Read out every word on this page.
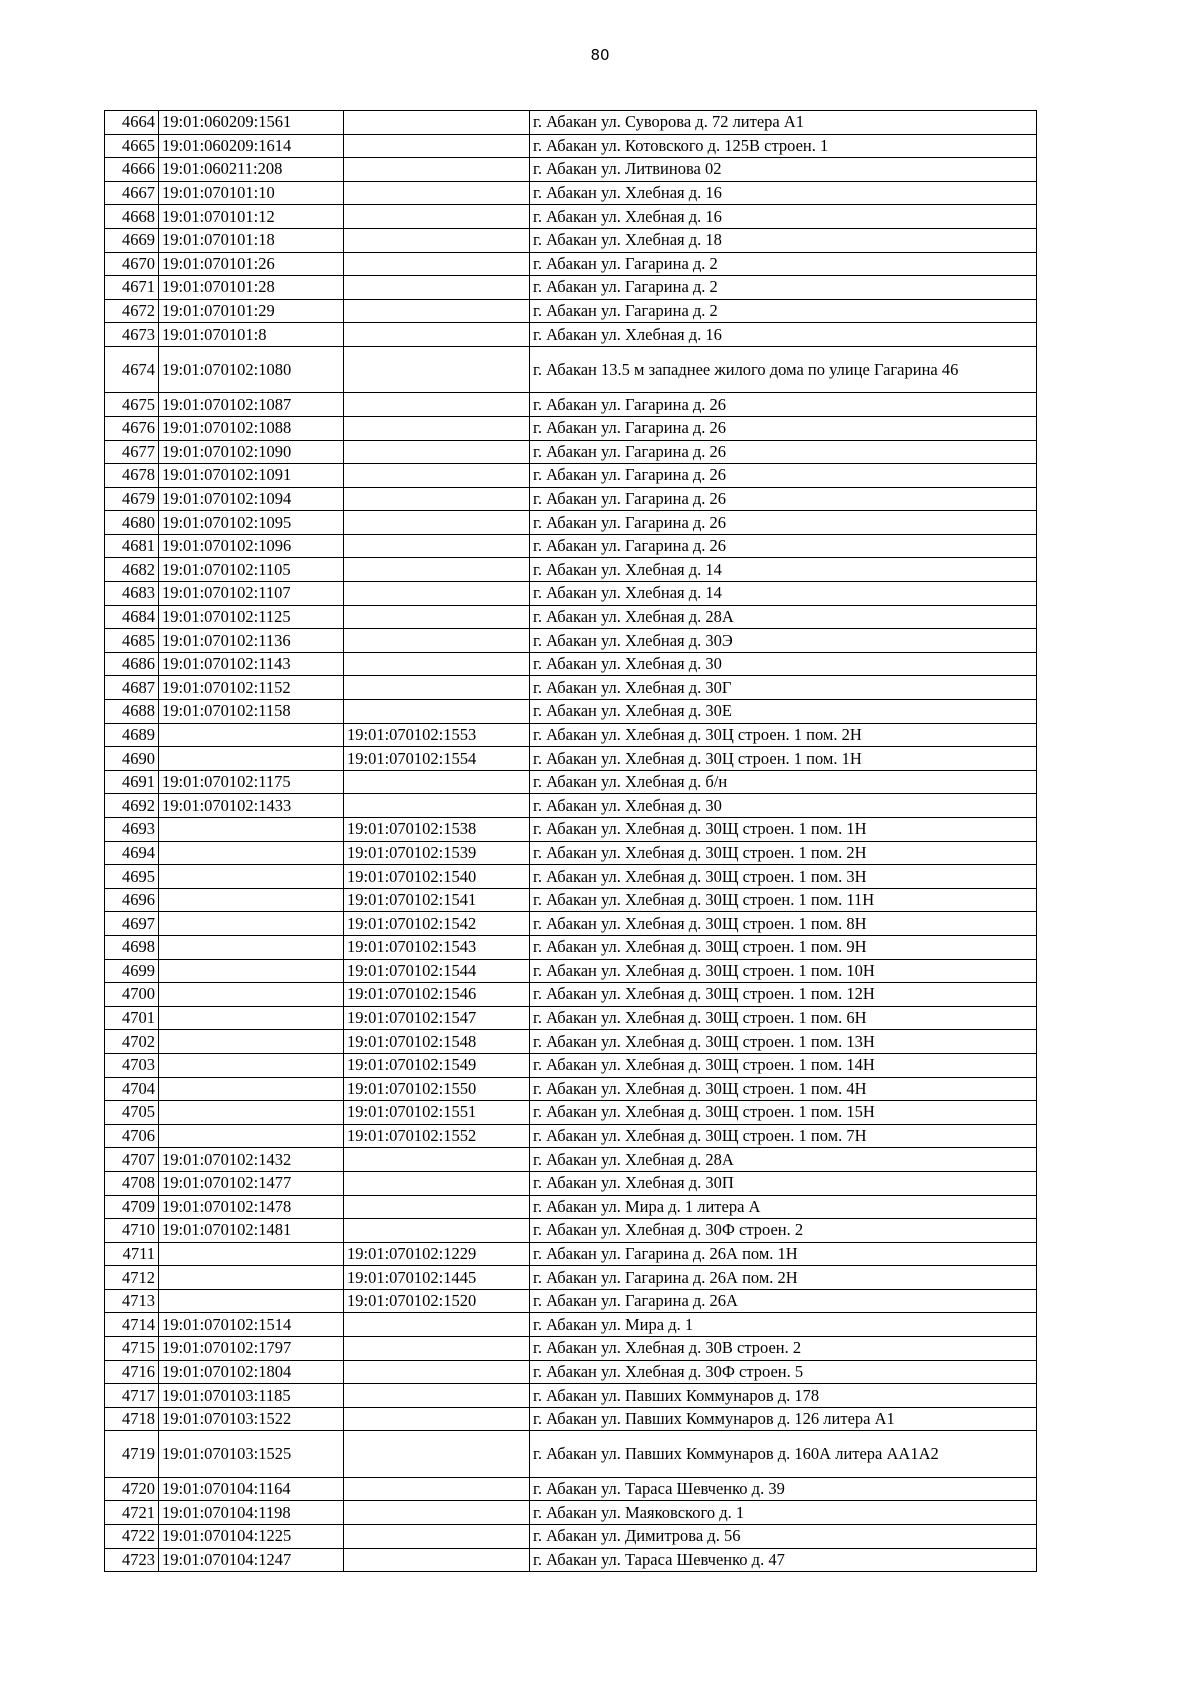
80
4664	19:01:060209:1561		г. Абакан ул. Суворова д. 72 литера А1
4665	19:01:060209:1614		г. Абакан ул. Котовского д. 125В строен. 1
4666	19:01:060211:208		г. Абакан ул. Литвинова 02
4667	19:01:070101:10		г. Абакан ул. Хлебная д. 16
4668	19:01:070101:12		г. Абакан ул. Хлебная д. 16
4669	19:01:070101:18		г. Абакан ул. Хлебная д. 18
4670	19:01:070101:26		г. Абакан ул. Гагарина д. 2
4671	19:01:070101:28		г. Абакан ул. Гагарина д. 2
4672	19:01:070101:29		г. Абакан ул. Гагарина д. 2
4673	19:01:070101:8		г. Абакан ул. Хлебная д. 16
4674	19:01:070102:1080		г. Абакан 13.5 м западнее жилого дома по улице Гагарина 46
4675	19:01:070102:1087		г. Абакан ул. Гагарина д. 26
4676	19:01:070102:1088		г. Абакан ул. Гагарина д. 26
4677	19:01:070102:1090		г. Абакан ул. Гагарина д. 26
4678	19:01:070102:1091		г. Абакан ул. Гагарина д. 26
4679	19:01:070102:1094		г. Абакан ул. Гагарина д. 26
4680	19:01:070102:1095		г. Абакан ул. Гагарина д. 26
4681	19:01:070102:1096		г. Абакан ул. Гагарина д. 26
4682	19:01:070102:1105		г. Абакан ул. Хлебная д. 14
4683	19:01:070102:1107		г. Абакан ул. Хлебная д. 14
4684	19:01:070102:1125		г. Абакан ул. Хлебная д. 28А
4685	19:01:070102:1136		г. Абакан ул. Хлебная д. 30Э
4686	19:01:070102:1143		г. Абакан ул. Хлебная д. 30
4687	19:01:070102:1152		г. Абакан ул. Хлебная д. 30Г
4688	19:01:070102:1158		г. Абакан ул. Хлебная д. 30Е
4689		19:01:070102:1553	г. Абакан ул. Хлебная д. 30Ц строен. 1 пом. 2Н
4690		19:01:070102:1554	г. Абакан ул. Хлебная д. 30Ц строен. 1 пом. 1Н
4691	19:01:070102:1175		г. Абакан ул. Хлебная д. б/н
4692	19:01:070102:1433		г. Абакан ул. Хлебная д. 30
4693		19:01:070102:1538	г. Абакан ул. Хлебная д. 30Щ строен. 1 пом. 1Н
4694		19:01:070102:1539	г. Абакан ул. Хлебная д. 30Щ строен. 1 пом. 2Н
4695		19:01:070102:1540	г. Абакан ул. Хлебная д. 30Щ строен. 1 пом. 3Н
4696		19:01:070102:1541	г. Абакан ул. Хлебная д. 30Щ строен. 1 пом. 11Н
4697		19:01:070102:1542	г. Абакан ул. Хлебная д. 30Щ строен. 1 пом. 8Н
4698		19:01:070102:1543	г. Абакан ул. Хлебная д. 30Щ строен. 1 пом. 9Н
4699		19:01:070102:1544	г. Абакан ул. Хлебная д. 30Щ строен. 1 пом. 10Н
4700		19:01:070102:1546	г. Абакан ул. Хлебная д. 30Щ строен. 1 пом. 12Н
4701		19:01:070102:1547	г. Абакан ул. Хлебная д. 30Щ строен. 1 пом. 6Н
4702		19:01:070102:1548	г. Абакан ул. Хлебная д. 30Щ строен. 1 пом. 13Н
4703		19:01:070102:1549	г. Абакан ул. Хлебная д. 30Щ строен. 1 пом. 14Н
4704		19:01:070102:1550	г. Абакан ул. Хлебная д. 30Щ строен. 1 пом. 4Н
4705		19:01:070102:1551	г. Абакан ул. Хлебная д. 30Щ строен. 1 пом. 15Н
4706		19:01:070102:1552	г. Абакан ул. Хлебная д. 30Щ строен. 1 пом. 7Н
4707	19:01:070102:1432		г. Абакан ул. Хлебная д. 28А
4708	19:01:070102:1477		г. Абакан ул. Хлебная д. 30П
4709	19:01:070102:1478		г. Абакан ул. Мира д. 1 литера А
4710	19:01:070102:1481		г. Абакан ул. Хлебная д. 30Ф строен. 2
4711		19:01:070102:1229	г. Абакан ул. Гагарина д. 26А пом. 1Н
4712		19:01:070102:1445	г. Абакан ул. Гагарина д. 26А пом. 2Н
4713		19:01:070102:1520	г. Абакан ул. Гагарина д. 26А
4714	19:01:070102:1514		г. Абакан ул. Мира д. 1
4715	19:01:070102:1797		г. Абакан ул. Хлебная д. 30В строен. 2
4716	19:01:070102:1804		г. Абакан ул. Хлебная д. 30Ф строен. 5
4717	19:01:070103:1185		г. Абакан ул. Павших Коммунаров д. 178
4718	19:01:070103:1522		г. Абакан ул. Павших Коммунаров д. 126 литера А1
4719	19:01:070103:1525		г. Абакан ул. Павших Коммунаров д. 160А литера АА1А2
4720	19:01:070104:1164		г. Абакан ул. Тараса Шевченко д. 39
4721	19:01:070104:1198		г. Абакан ул. Маяковского д. 1
4722	19:01:070104:1225		г. Абакан ул. Димитрова д. 56
4723	19:01:070104:1247		г. Абакан ул. Тараса Шевченко д. 47
